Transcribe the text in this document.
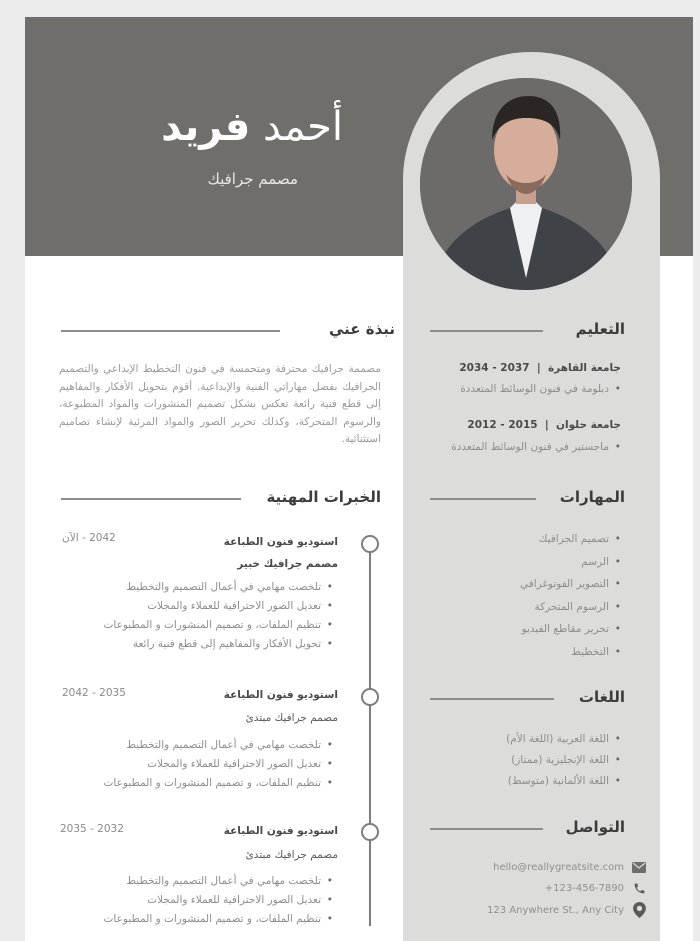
أحمد فريد
مصمم جرافيك
نبذة عني

مصممة جرافيك محترفة ومتحمسة في فنون التخطيط الإبداعي والتصميم الجرافيك بفضل مهاراتي الفنية والإبداعية. أقوم بتحويل الأفكار والمفاهيم إلى قطع فنية رائعة تعكس بشكل تصميم المنشورات والمواد المطبوعة، والرسوم المتحركة، وكذلك تحرير الصور والمواد المرئية لإنشاء تصاميم استثنائية.

الخبرات المهنية
استوديو فنون الطباعة
2042 - الآن
مصمم جرافيك خبير
• تلخصت مهامي في أعمال التصميم والتخطيط
• تعديل الصور الاحترافية للعملاء والمجلات
• تنظيم الملفات، و تصميم المنشورات و المطبوعات
• تحويل الأفكار والمفاهيم إلى قطع فنية رائعة
استوديو فنون الطباعة
2042 - 2035
مصمم جرافيك مبتدئ
• تلخصت مهامي في أعمال التصميم والتخطيط
• تعديل الصور الاحترافية للعملاء والمجلات
• تنظيم الملفات، و تصميم المنشورات و المطبوعات
استوديو فنون الطباعة
2035 - 2032
مصمم جرافيك مبتدئ
• تلخصت مهامي في أعمال التصميم والتخطيط
• تعديل الصور الاحترافية للعملاء والمجلات
• تنظيم الملفات، و تصميم المنشورات و المطبوعات
التعليم
جامعة القاهرة  |  2037 - 2034
• دبلومة في فنون الوسائط المتعددة
جامعة حلوان  |  2015 - 2012
• ماجستير في فنون الوسائط المتعددة
المهارات
• تصميم الجرافيك
• الرسم
• التصوير الفوتوغرافي
• الرسوم المتحركة
• تحرير مقاطع الفيديو
• التخطيط
اللغات
• اللغة العربية (اللغة الأم)
• اللغة الإنجليزية (ممتاز)
• اللغة الألمانية (متوسط)
التواصل
hello@reallygreatsite.com
+123-456-7890
123 Anywhere St., Any City
